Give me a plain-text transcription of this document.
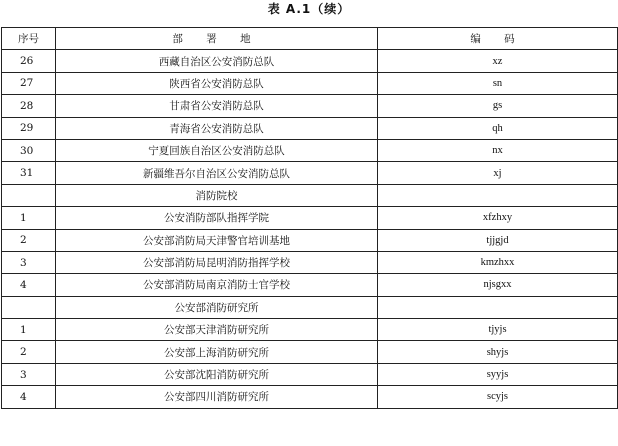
表 A.1（续）
序号	部 署 地	编 码
26	西藏自治区公安消防总队	xz
27	陕西省公安消防总队	sn
28	甘肃省公安消防总队	gs
29	青海省公安消防总队	qh
30	宁夏回族自治区公安消防总队	nx
31	新疆维吾尔自治区公安消防总队	xj
	消防院校	
1	公安消防部队指挥学院	xfzhxy
2	公安部消防局天津警官培训基地	tjjgjd
3	公安部消防局昆明消防指挥学校	kmzhxx
4	公安部消防局南京消防士官学校	njsgxx
	公安部消防研究所	
1	公安部天津消防研究所	tjyjs
2	公安部上海消防研究所	shyjs
3	公安部沈阳消防研究所	syyjs
4	公安部四川消防研究所	scyjs
